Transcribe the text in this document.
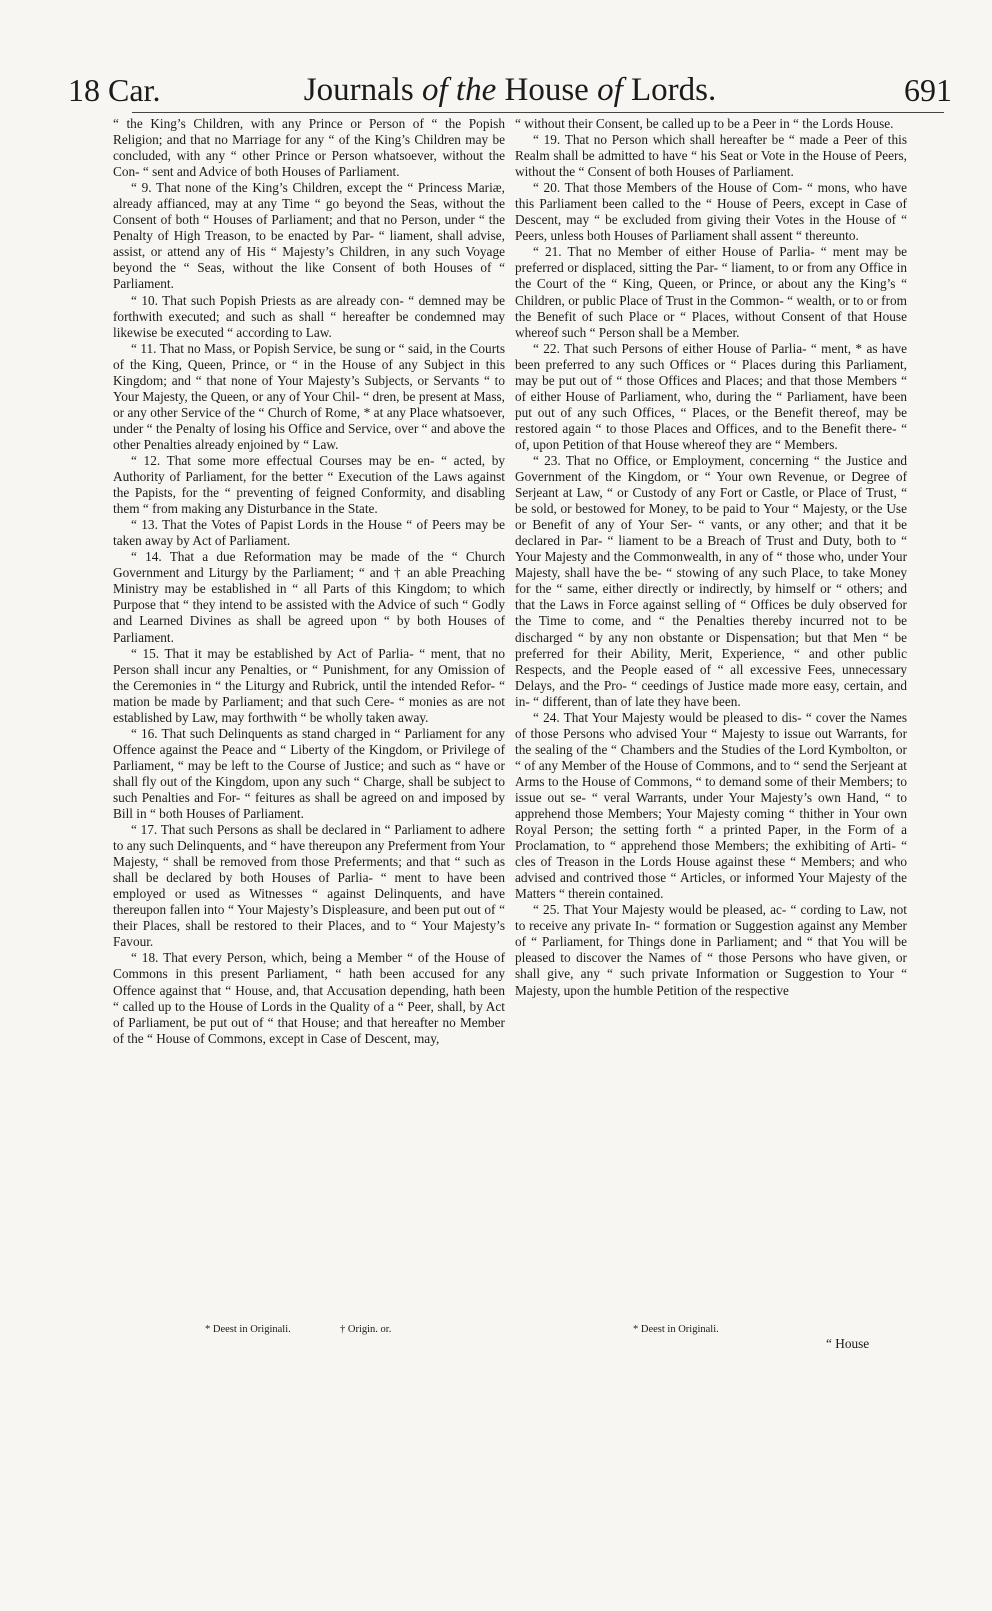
18 Car.	Journals of the House of Lords.	691

“ the King’s Children, with any Prince or Person of “ the Popish Religion; and that no Marriage for any “ of the King’s Children may be concluded, with any “ other Prince or Person whatsoever, without the Con- “ sent and Advice of both Houses of Parliament.

“ 9. That none of the King’s Children, except the “ Princess Mariæ, already affianced, may at any Time “ go beyond the Seas, without the Consent of both “ Houses of Parliament; and that no Person, under “ the Penalty of High Treason, to be enacted by Par- “ liament, shall advise, assist, or attend any of His “ Majesty’s Children, in any such Voyage beyond the “ Seas, without the like Consent of both Houses of “ Parliament.

“ 10. That such Popish Priests as are already con- “ demned may be forthwith executed; and such as shall “ hereafter be condemned may likewise be executed “ according to Law.

“ 11. That no Mass, or Popish Service, be sung or “ said, in the Courts of the King, Queen, Prince, or “ in the House of any Subject in this Kingdom; and “ that none of Your Majesty’s Subjects, or Servants “ to Your Majesty, the Queen, or any of Your Chil- “ dren, be present at Mass, or any other Service of the “ Church of Rome, * at any Place whatsoever, under “ the Penalty of losing his Office and Service, over “ and above the other Penalties already enjoined by “ Law.

“ 12. That some more effectual Courses may be en- “ acted, by Authority of Parliament, for the better “ Execution of the Laws against the Papists, for the “ preventing of feigned Conformity, and disabling them “ from making any Disturbance in the State.

“ 13. That the Votes of Papist Lords in the House “ of Peers may be taken away by Act of Parliament.

“ 14. That a due Reformation may be made of the “ Church Government and Liturgy by the Parliament; “ and † an able Preaching Ministry may be established in “ all Parts of this Kingdom; to which Purpose that “ they intend to be assisted with the Advice of such “ Godly and Learned Divines as shall be agreed upon “ by both Houses of Parliament.

“ 15. That it may be established by Act of Parlia- “ ment, that no Person shall incur any Penalties, or “ Punishment, for any Omission of the Ceremonies in “ the Liturgy and Rubrick, until the intended Refor- “ mation be made by Parliament; and that such Cere- “ monies as are not established by Law, may forthwith “ be wholly taken away.

“ 16. That such Delinquents as stand charged in “ Parliament for any Offence against the Peace and “ Liberty of the Kingdom, or Privilege of Parliament, “ may be left to the Course of Justice; and such as “ have or shall fly out of the Kingdom, upon any such “ Charge, shall be subject to such Penalties and For- “ feitures as shall be agreed on and imposed by Bill in “ both Houses of Parliament.

“ 17. That such Persons as shall be declared in “ Parliament to adhere to any such Delinquents, and “ have thereupon any Preferment from Your Majesty, “ shall be removed from those Preferments; and that “ such as shall be declared by both Houses of Parlia- “ ment to have been employed or used as Witnesses “ against Delinquents, and have thereupon fallen into “ Your Majesty’s Displeasure, and been put out of “ their Places, shall be restored to their Places, and to “ Your Majesty’s Favour.

“ 18. That every Person, which, being a Member “ of the House of Commons in this present Parliament, “ hath been accused for any Offence against that “ House, and, that Accusation depending, hath been “ called up to the House of Lords in the Quality of a “ Peer, shall, by Act of Parliament, be put out of “ that House; and that hereafter no Member of the “ House of Commons, except in Case of Descent, may,

“ without their Consent, be called up to be a Peer in “ the Lords House.

“ 19. That no Person which shall hereafter be “ made a Peer of this Realm shall be admitted to have “ his Seat or Vote in the House of Peers, without the “ Consent of both Houses of Parliament.

“ 20. That those Members of the House of Com- “ mons, who have this Parliament been called to the “ House of Peers, except in Case of Descent, may “ be excluded from giving their Votes in the House of “ Peers, unless both Houses of Parliament shall assent “ thereunto.

“ 21. That no Member of either House of Parlia- “ ment may be preferred or displaced, sitting the Par- “ liament, to or from any Office in the Court of the “ King, Queen, or Prince, or about any the King’s “ Children, or public Place of Trust in the Common- “ wealth, or to or from the Benefit of such Place or “ Places, without Consent of that House whereof such “ Person shall be a Member.

“ 22. That such Persons of either House of Parlia- “ ment, * as have been preferred to any such Offices or “ Places during this Parliament, may be put out of “ those Offices and Places; and that those Members “ of either House of Parliament, who, during the “ Parliament, have been put out of any such Offices, “ Places, or the Benefit thereof, may be restored again “ to those Places and Offices, and to the Benefit there- “ of, upon Petition of that House whereof they are “ Members.

“ 23. That no Office, or Employment, concerning “ the Justice and Government of the Kingdom, or “ Your own Revenue, or Degree of Serjeant at Law, “ or Custody of any Fort or Castle, or Place of Trust, “ be sold, or bestowed for Money, to be paid to Your “ Majesty, or the Use or Benefit of any of Your Ser- “ vants, or any other; and that it be declared in Par- “ liament to be a Breach of Trust and Duty, both to “ Your Majesty and the Commonwealth, in any of “ those who, under Your Majesty, shall have the be- “ stowing of any such Place, to take Money for the “ same, either directly or indirectly, by himself or “ others; and that the Laws in Force against selling of “ Offices be duly observed for the Time to come, and “ the Penalties thereby incurred not to be discharged “ by any non obstante or Dispensation; but that Men “ be preferred for their Ability, Merit, Experience, “ and other public Respects, and the People eased of “ all excessive Fees, unnecessary Delays, and the Pro- “ ceedings of Justice made more easy, certain, and in- “ different, than of late they have been.

“ 24. That Your Majesty would be pleased to dis- “ cover the Names of those Persons who advised Your “ Majesty to issue out Warrants, for the sealing of the “ Chambers and the Studies of the Lord Kymbolton, or “ of any Member of the House of Commons, and to “ send the Serjeant at Arms to the House of Commons, “ to demand some of their Members; to issue out se- “ veral Warrants, under Your Majesty’s own Hand, “ to apprehend those Members; Your Majesty coming “ thither in Your own Royal Person; the setting forth “ a printed Paper, in the Form of a Proclamation, to “ apprehend those Members; the exhibiting of Arti- “ cles of Treason in the Lords House against these “ Members; and who advised and contrived those “ Articles, or informed Your Majesty of the Matters “ therein contained.

“ 25. That Your Majesty would be pleased, ac- “ cording to Law, not to receive any private In- “ formation or Suggestion against any Member of “ Parliament, for Things done in Parliament; and “ that You will be pleased to discover the Names of “ those Persons who have given, or shall give, any “ such private Information or Suggestion to Your “ Majesty, upon the humble Petition of the respective

* Deest in Originali.	† Origin. or.	* Deest in Originali.
“ House
